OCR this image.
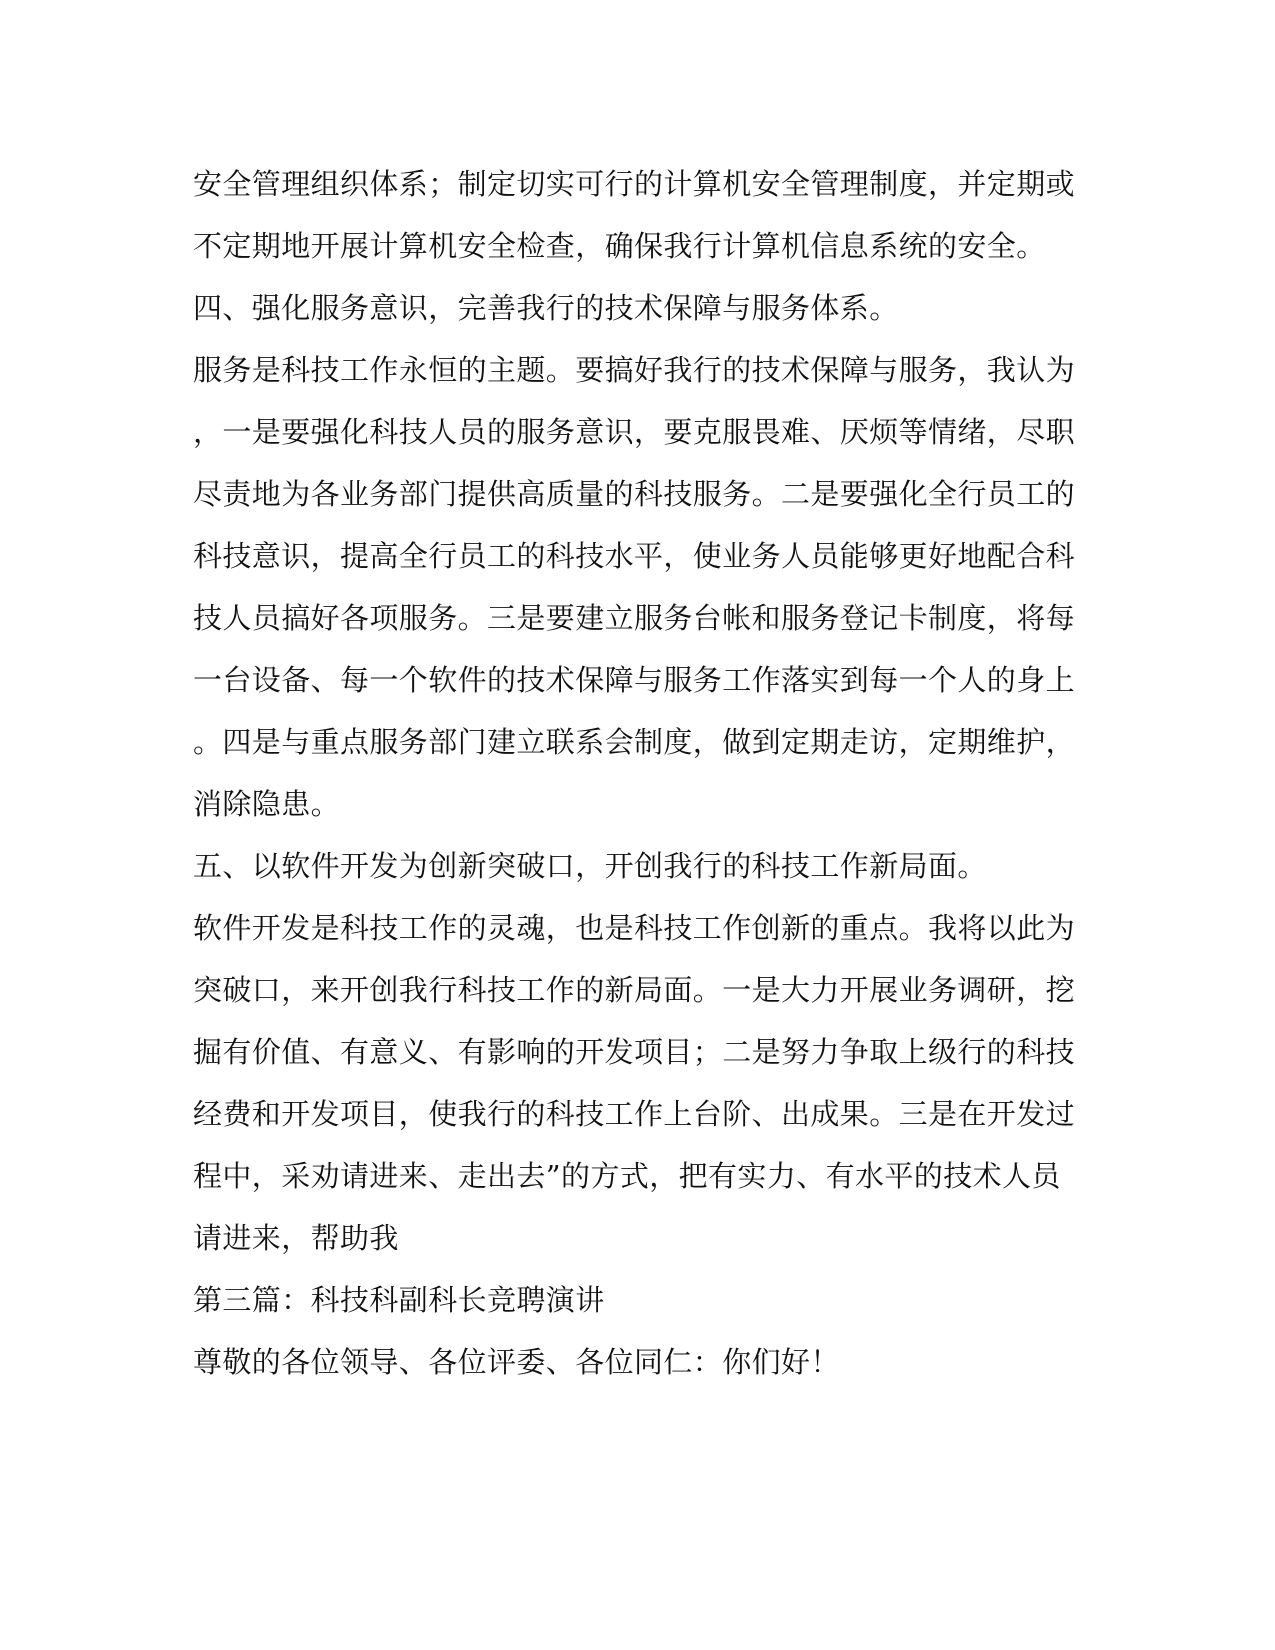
安全管理组织体系；制定切实可行的计算机安全管理制度，并定期或
不定期地开展计算机安全检查，确保我行计算机信息系统的安全。
四、强化服务意识，完善我行的技术保障与服务体系。
服务是科技工作永恒的主题。要搞好我行的技术保障与服务，我认为
，一是要强化科技人员的服务意识，要克服畏难、厌烦等情绪，尽职
尽责地为各业务部门提供高质量的科技服务。二是要强化全行员工的
科技意识，提高全行员工的科技水平，使业务人员能够更好地配合科
技人员搞好各项服务。三是要建立服务台帐和服务登记卡制度，将每
一台设备、每一个软件的技术保障与服务工作落实到每一个人的身上
。四是与重点服务部门建立联系会制度，做到定期走访，定期维护，
消除隐患。
五、以软件开发为创新突破口，开创我行的科技工作新局面。
软件开发是科技工作的灵魂，也是科技工作创新的重点。我将以此为
突破口，来开创我行科技工作的新局面。一是大力开展业务调研，挖
掘有价值、有意义、有影响的开发项目；二是努力争取上级行的科技
经费和开发项目，使我行的科技工作上台阶、出成果。三是在开发过
程中，采劝请进来、走出去”的方式，把有实力、有水平的技术人员
请进来，帮助我
第三篇：科技科副科长竞聘演讲
尊敬的各位领导、各位评委、各位同仁：你们好！
